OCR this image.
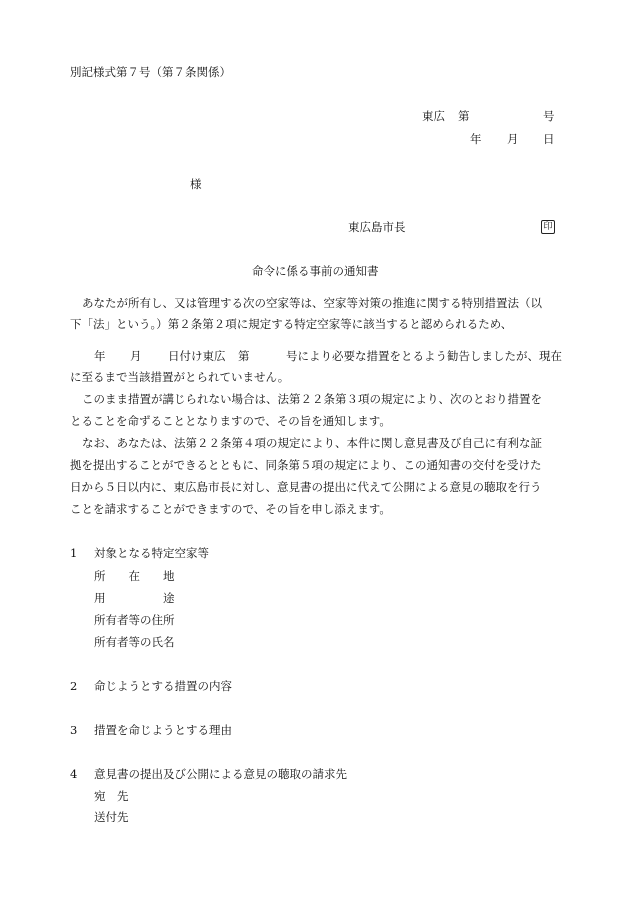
別記様式第７号（第７条関係）
東広 第	号
年 月 日
様
東広島市長	印
命令に係る事前の通知書
あなたが所有し、又は管理する次の空家等は、空家等対策の推進に関する特別措置法（以
下「法」という。）第２条第２項に規定する特定空家等に該当すると認められるため、
年 月 日付け東広 第	号により必要な措置をとるよう勧告しましたが、現在
に至るまで当該措置がとられていません。
このまま措置が講じられない場合は、法第２２条第３項の規定により、次のとおり措置を
とることを命ずることとなりますので、その旨を通知します。
なお、あなたは、法第２２条第４項の規定により、本件に関し意見書及び自己に有利な証
拠を提出することができるとともに、同条第５項の規定により、この通知書の交付を受けた
日から５日以内に、東広島市長に対し、意見書の提出に代えて公開による意見の聴取を行う
ことを請求することができますので、その旨を申し添えます。
1 対象となる特定空家等
所　　在　　地
用　　　　　途
所有者等の住所
所有者等の氏名
2 命じようとする措置の内容
3 措置を命じようとする理由
4 意見書の提出及び公開による意見の聴取の請求先
宛　先
送付先
